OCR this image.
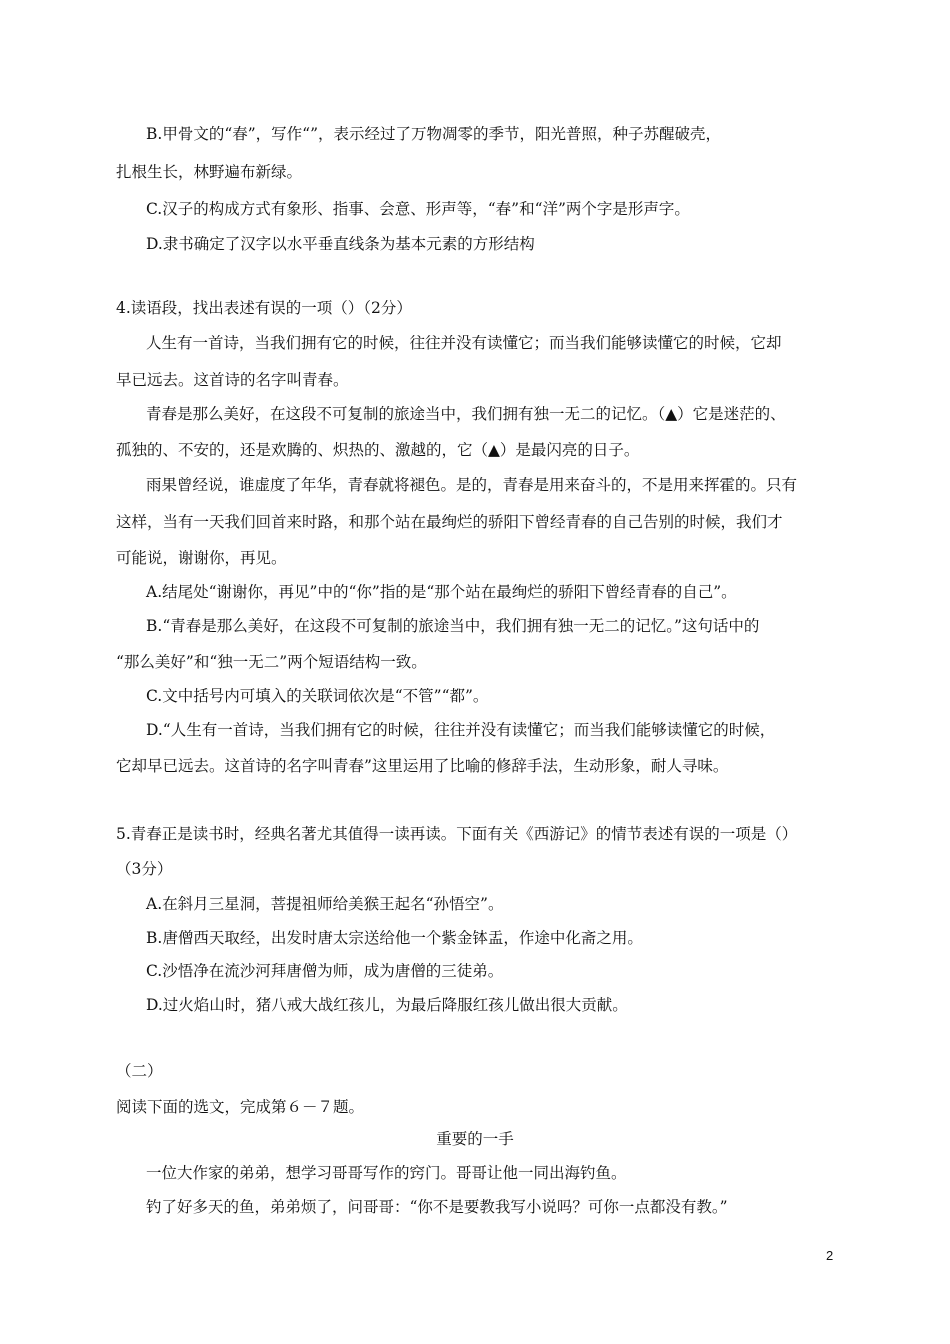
B.甲骨文的“春”，写作“”，表示经过了万物凋零的季节，阳光普照，种子苏醒破壳，
扎根生长，林野遍布新绿。
C.汉子的构成方式有象形、指事、会意、形声等，“春”和“洋”两个字是形声字。
D.隶书确定了汉字以水平垂直线条为基本元素的方形结构
4.读语段，找出表述有误的一项（）（2分）
人生有一首诗，当我们拥有它的时候，往往并没有读懂它；而当我们能够读懂它的时候，它却
早已远去。这首诗的名字叫青春。
青春是那么美好，在这段不可复制的旅途当中，我们拥有独一无二的记忆。（▲）它是迷茫的、
孤独的、不安的，还是欢腾的、炽热的、激越的，它（▲）是最闪亮的日子。
雨果曾经说，谁虚度了年华，青春就将褪色。是的，青春是用来奋斗的，不是用来挥霍的。只有
这样，当有一天我们回首来时路，和那个站在最绚烂的骄阳下曾经青春的自己告别的时候，我们才
可能说，谢谢你，再见。
A.结尾处“谢谢你，再见”中的“你”指的是“那个站在最绚烂的骄阳下曾经青春的自己”。
B.“青春是那么美好，在这段不可复制的旅途当中，我们拥有独一无二的记忆。”这句话中的
“那么美好”和“独一无二”两个短语结构一致。
C.文中括号内可填入的关联词依次是“不管”“都”。
D.“人生有一首诗，当我们拥有它的时候，往往并没有读懂它；而当我们能够读懂它的时候，
它却早已远去。这首诗的名字叫青春”这里运用了比喻的修辞手法，生动形象，耐人寻味。
5.青春正是读书时，经典名著尤其值得一读再读。下面有关《西游记》的情节表述有误的一项是（）
（3分）
A.在斜月三星洞，菩提祖师给美猴王起名“孙悟空”。
B.唐僧西天取经，出发时唐太宗送给他一个紫金钵盂，作途中化斋之用。
C.沙悟净在流沙河拜唐僧为师，成为唐僧的三徒弟。
D.过火焰山时，猪八戒大战红孩儿，为最后降服红孩儿做出很大贡献。
（二）
阅读下面的选文，完成第６－７题。
重要的一手
一位大作家的弟弟，想学习哥哥写作的窍门。哥哥让他一同出海钓鱼。
钓了好多天的鱼，弟弟烦了，问哥哥：“你不是要教我写小说吗？可你一点都没有教。”
2
